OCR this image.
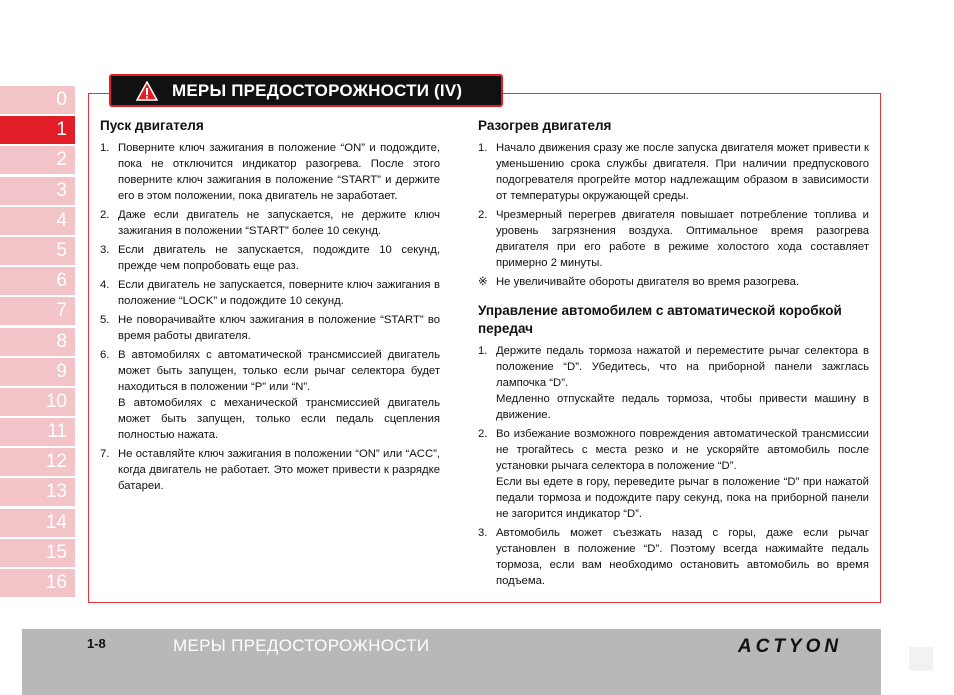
0
1
2
3
4
5
6
7
8
9
10
11
12
13
14
15
16
МЕРЫ ПРЕДОСТОРОЖНОСТИ (IV)
Пуск двигателя
1. Поверните ключ зажигания в положение “ON” и подождите, пока не отключится индикатор разогрева. После этого поверните ключ зажигания в положение “START” и держите его в этом положении, пока двигатель не заработает.
2. Даже если двигатель не запускается, не держите ключ зажигания в положении “START” более 10 секунд.
3. Если двигатель не запускается, подождите 10 секунд, прежде чем попробовать еще раз.
4. Если двигатель не запускается, поверните ключ зажигания в положение “LOCK” и подождите 10 секунд.
5. Не поворачивайте ключ зажигания в положение “START” во время работы двигателя.
6. В автомобилях с автоматической трансмиссией двигатель может быть запущен, только если рычаг селектора будет находиться в положении “P” или “N”.
В автомобилях с механической трансмиссией двигатель может быть запущен, только если педаль сцепления полностью нажата.
7. Не оставляйте ключ зажигания в положении “ON” или “ACC”, когда двигатель не работает. Это может привести к разрядке батареи.
Разогрев двигателя
1. Начало движения сразу же после запуска двигателя может привести к уменьшению срока службы двигателя. При наличии предпускового подогревателя прогрейте мотор надлежащим образом в зависимости от температуры окружающей среды.
2. Чрезмерный перегрев двигателя повышает потребление топлива и уровень загрязнения воздуха. Оптимальное время разогрева двигателя при его работе в режиме холостого хода составляет примерно 2 минуты.
※ Не увеличивайте обороты двигателя во время разогрева.
Управление автомобилем с автоматической коробкой передач
1. Держите педаль тормоза нажатой и переместите рычаг селектора в положение “D”. Убедитесь, что на приборной панели зажглась лампочка “D”.
Медленно отпускайте педаль тормоза, чтобы привести машину в движение.
2. Во избежание возможного повреждения автоматической трансмиссии не трогайтесь с места резко и не ускоряйте автомобиль после установки рычага селектора в положение “D”.
Если вы едете в гору, переведите рычаг в положение “D” при нажатой педали тормоза и подождите пару секунд, пока на приборной панели не загорится индикатор “D”.
3. Автомобиль может съезжать назад с горы, даже если рычаг установлен в положение “D”. Поэтому всегда нажимайте педаль тормоза, если вам необходимо остановить автомобиль во время подъема.
1-8	МЕРЫ ПРЕДОСТОРОЖНОСТИ	ACTYON
